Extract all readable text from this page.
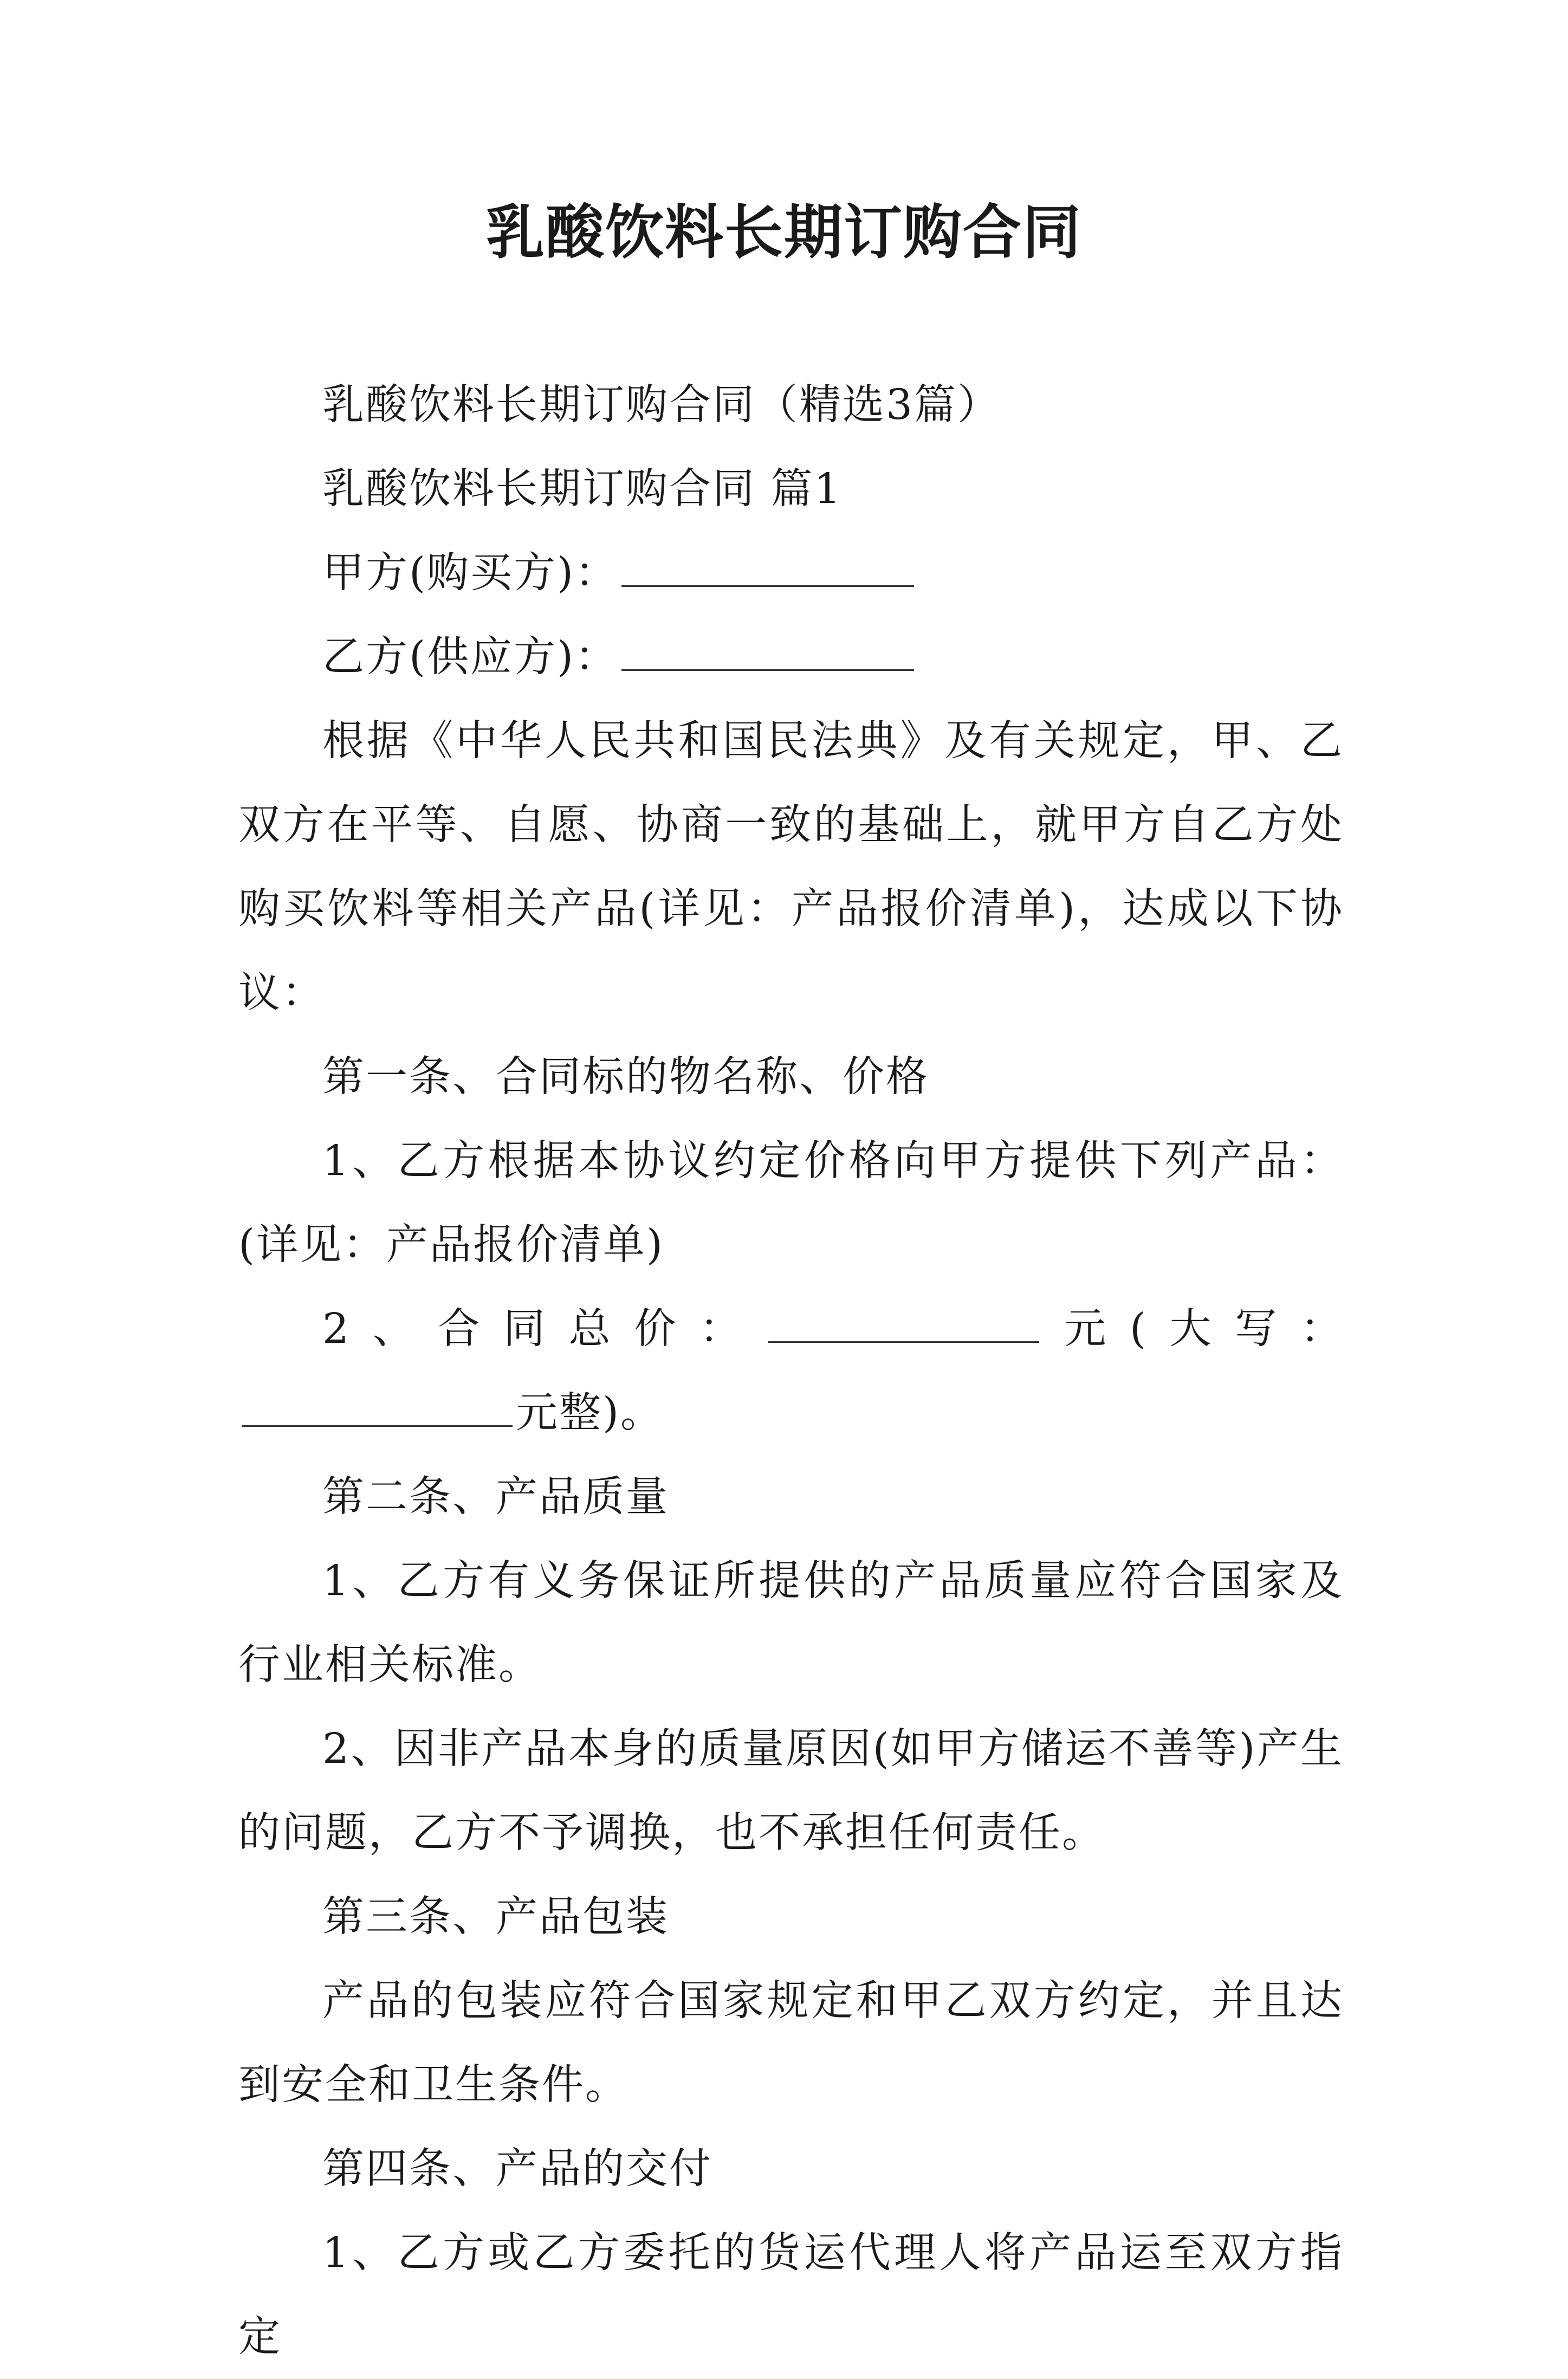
乳酸饮料长期订购合同

乳酸饮料长期订购合同（精选3篇）

乳酸饮料长期订购合同 篇1

甲方(购买方)：

乙方(供应方)：

根据《中华人民共和国民法典》及有关规定，甲、乙双方在平等、自愿、协商一致的基础上，就甲方自乙方处购买饮料等相关产品(详见：产品报价清单)，达成以下协议：

第一条、合同标的物名称、价格

1、乙方根据本协议约定价格向甲方提供下列产品：(详见：产品报价清单)

2、合同总价：	元(大写：元整)。

第二条、产品质量

1、乙方有义务保证所提供的产品质量应符合国家及行业相关标准。

2、因非产品本身的质量原因(如甲方储运不善等)产生的问题，乙方不予调换，也不承担任何责任。

第三条、产品包装

产品的包装应符合国家规定和甲乙双方约定，并且达到安全和卫生条件。

第四条、产品的交付

1、乙方或乙方委托的货运代理人将产品运至双方指定
